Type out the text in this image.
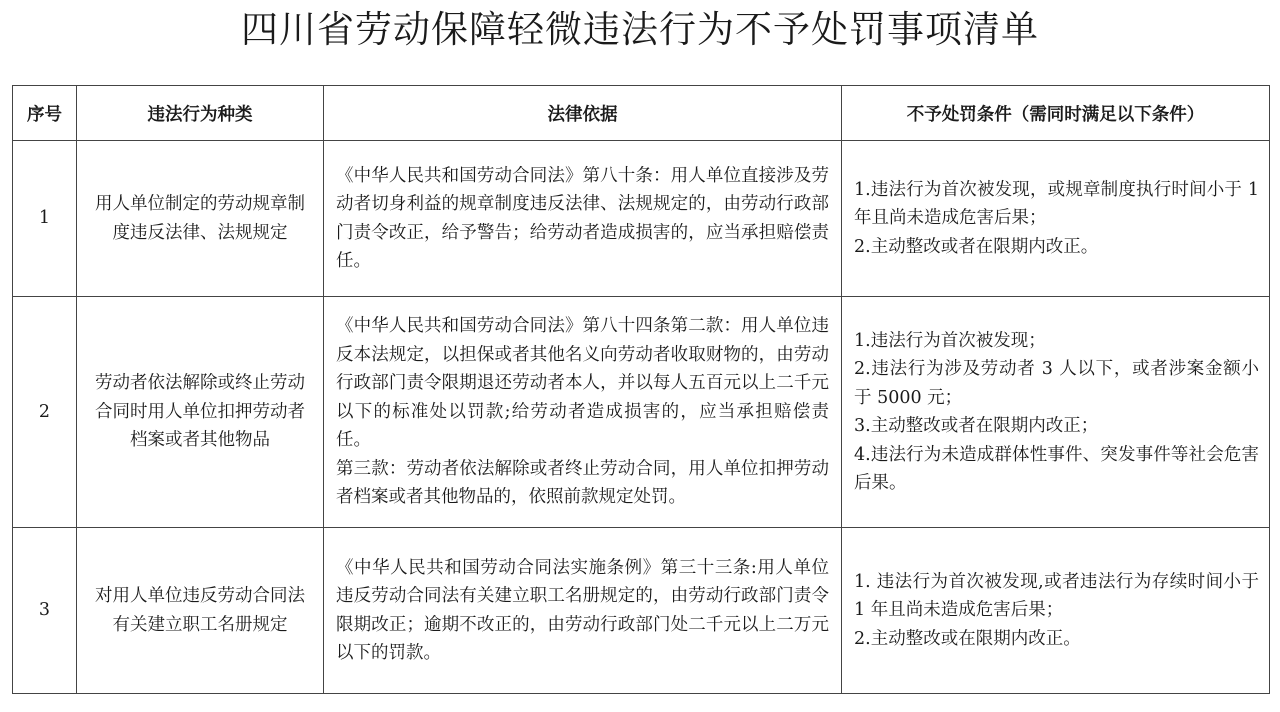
四川省劳动保障轻微违法行为不予处罚事项清单
序号	违法行为种类	法律依据	不予处罚条件（需同时满足以下条件）
1	用人单位制定的劳动规章制度违反法律、法规规定	《中华人民共和国劳动合同法》第八十条：用人单位直接涉及劳动者切身利益的规章制度违反法律、法规规定的，由劳动行政部门责令改正，给予警告；给劳动者造成损害的，应当承担赔偿责任。	1.违法行为首次被发现，或规章制度执行时间小于 1 年且尚未造成危害后果；
2.主动整改或者在限期内改正。

2	劳动者依法解除或终止劳动合同时用人单位扣押劳动者档案或者其他物品	《中华人民共和国劳动合同法》第八十四条第二款：用人单位违反本法规定，以担保或者其他名义向劳动者收取财物的，由劳动行政部门责令限期退还劳动者本人，并以每人五百元以上二千元以下的标准处以罚款;给劳动者造成损害的，应当承担赔偿责任。
第三款：劳动者依法解除或者终止劳动合同，用人单位扣押劳动者档案或者其他物品的，依照前款规定处罚。	1.违法行为首次被发现；
2.违法行为涉及劳动者 3 人以下，或者涉案金额小于 5000 元；
3.主动整改或者在限期内改正；
4.违法行为未造成群体性事件、突发事件等社会危害后果。

3	对用人单位违反劳动合同法有关建立职工名册规定	《中华人民共和国劳动合同法实施条例》第三十三条:用人单位违反劳动合同法有关建立职工名册规定的，由劳动行政部门责令限期改正；逾期不改正的，由劳动行政部门处二千元以上二万元以下的罚款。	1. 违法行为首次被发现,或者违法行为存续时间小于 1 年且尚未造成危害后果；
2.主动整改或在限期内改正。
